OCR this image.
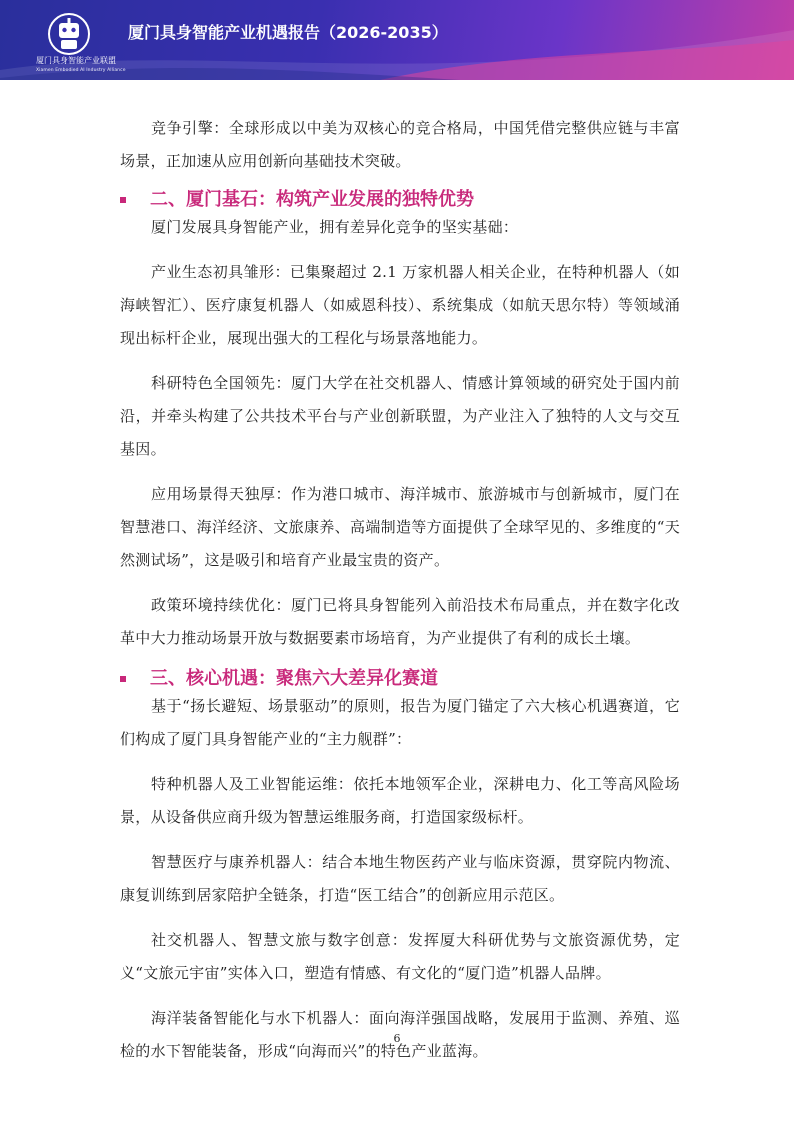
厦门具身智能产业联盟
Xiamen Embodied AI Industry Alliance
厦门具身智能产业机遇报告（2026-2035）

竞争引擎：全球形成以中美为双核心的竞合格局，中国凭借完整供应链与丰富场景，正加速从应用创新向基础技术突破。

二、厦门基石：构筑产业发展的独特优势

厦门发展具身智能产业，拥有差异化竞争的坚实基础：

产业生态初具雏形：已集聚超过 2.1 万家机器人相关企业，在特种机器人（如海峡智汇）、医疗康复机器人（如威恩科技）、系统集成（如航天思尔特）等领域涌现出标杆企业，展现出强大的工程化与场景落地能力。

科研特色全国领先：厦门大学在社交机器人、情感计算领域的研究处于国内前沿，并牵头构建了公共技术平台与产业创新联盟，为产业注入了独特的人文与交互基因。

应用场景得天独厚：作为港口城市、海洋城市、旅游城市与创新城市，厦门在智慧港口、海洋经济、文旅康养、高端制造等方面提供了全球罕见的、多维度的“天然测试场”，这是吸引和培育产业最宝贵的资产。

政策环境持续优化：厦门已将具身智能列入前沿技术布局重点，并在数字化改革中大力推动场景开放与数据要素市场培育，为产业提供了有利的成长土壤。

三、核心机遇：聚焦六大差异化赛道

基于“扬长避短、场景驱动”的原则，报告为厦门锚定了六大核心机遇赛道，它们构成了厦门具身智能产业的“主力舰群”：

特种机器人及工业智能运维：依托本地领军企业，深耕电力、化工等高风险场景，从设备供应商升级为智慧运维服务商，打造国家级标杆。

智慧医疗与康养机器人：结合本地生物医药产业与临床资源，贯穿院内物流、康复训练到居家陪护全链条，打造“医工结合”的创新应用示范区。

社交机器人、智慧文旅与数字创意：发挥厦大科研优势与文旅资源优势，定义“文旅元宇宙”实体入口，塑造有情感、有文化的“厦门造”机器人品牌。

海洋装备智能化与水下机器人：面向海洋强国战略，发展用于监测、养殖、巡检的水下智能装备，形成“向海而兴”的特色产业蓝海。

6
